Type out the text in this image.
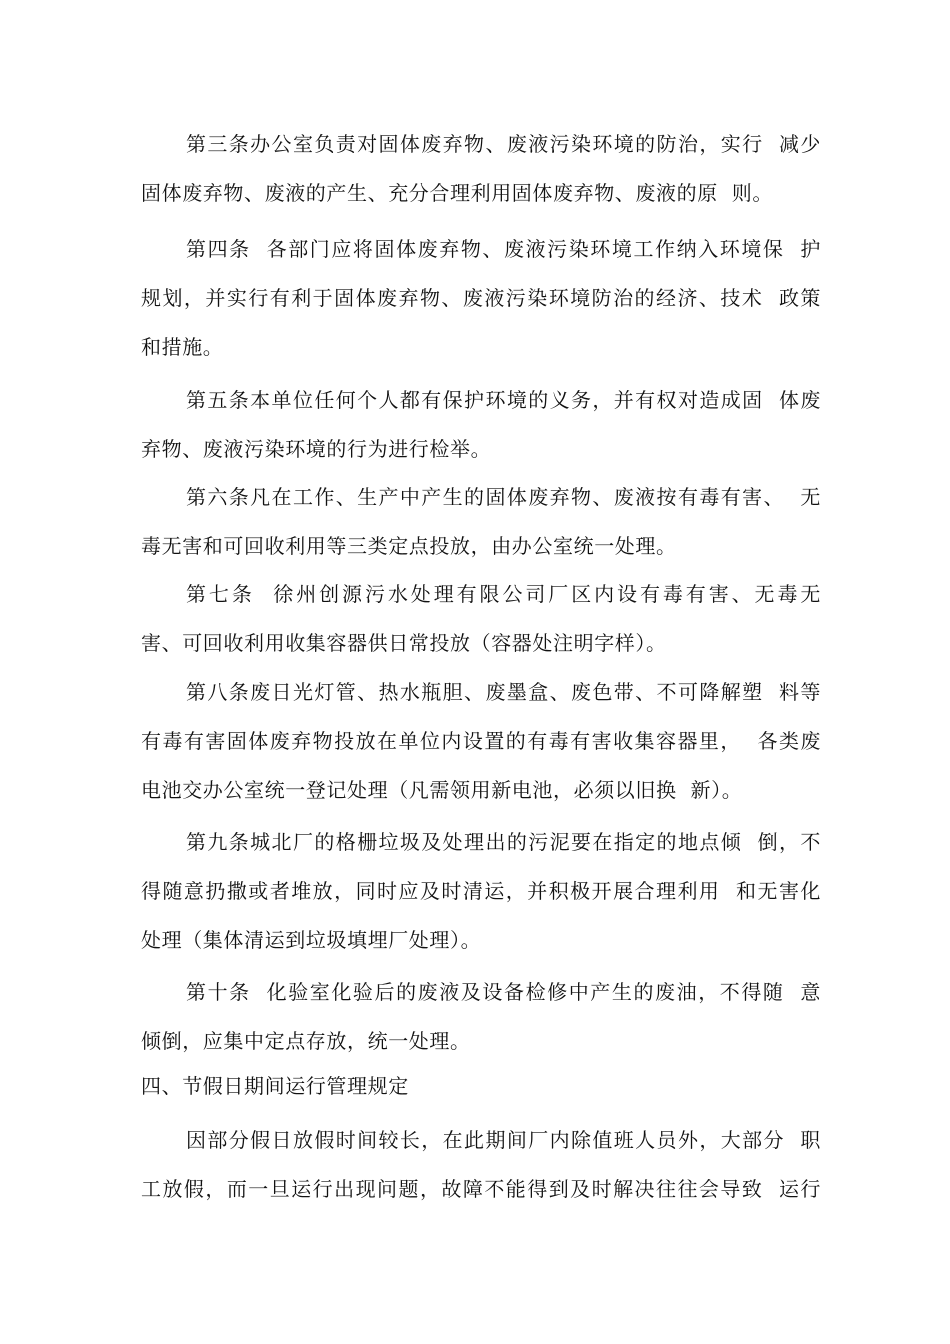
第三条办公室负责对固体废弃物、废液污染环境的防治，实行  减少
固体废弃物、废液的产生、充分合理利用固体废弃物、废液的原  则。
第四条  各部门应将固体废弃物、废液污染环境工作纳入环境保  护
规划，并实行有利于固体废弃物、废液污染环境防治的经济、技术  政策
和措施。
第五条本单位任何个人都有保护环境的义务，并有权对造成固  体废
弃物、废液污染环境的行为进行检举。
第六条凡在工作、生产中产生的固体废弃物、废液按有毒有害、  无
毒无害和可回收利用等三类定点投放，由办公室统一处理。
第七条  徐州创源污水处理有限公司厂区内设有毒有害、无毒无
害、可回收利用收集容器供日常投放（容器处注明字样）。
第八条废日光灯管、热水瓶胆、废墨盒、废色带、不可降解塑  料等
有毒有害固体废弃物投放在单位内设置的有毒有害收集容器里，  各类废
电池交办公室统一登记处理（凡需领用新电池，必须以旧换  新）。
第九条城北厂的格栅垃圾及处理出的污泥要在指定的地点倾  倒，不
得随意扔撒或者堆放，同时应及时清运，并积极开展合理利用  和无害化
处理（集体清运到垃圾填埋厂处理）。
第十条  化验室化验后的废液及设备检修中产生的废油，不得随  意
倾倒，应集中定点存放，统一处理。
四、节假日期间运行管理规定
因部分假日放假时间较长，在此期间厂内除值班人员外，大部分  职
工放假，而一旦运行出现问题，故障不能得到及时解决往往会导致  运行
